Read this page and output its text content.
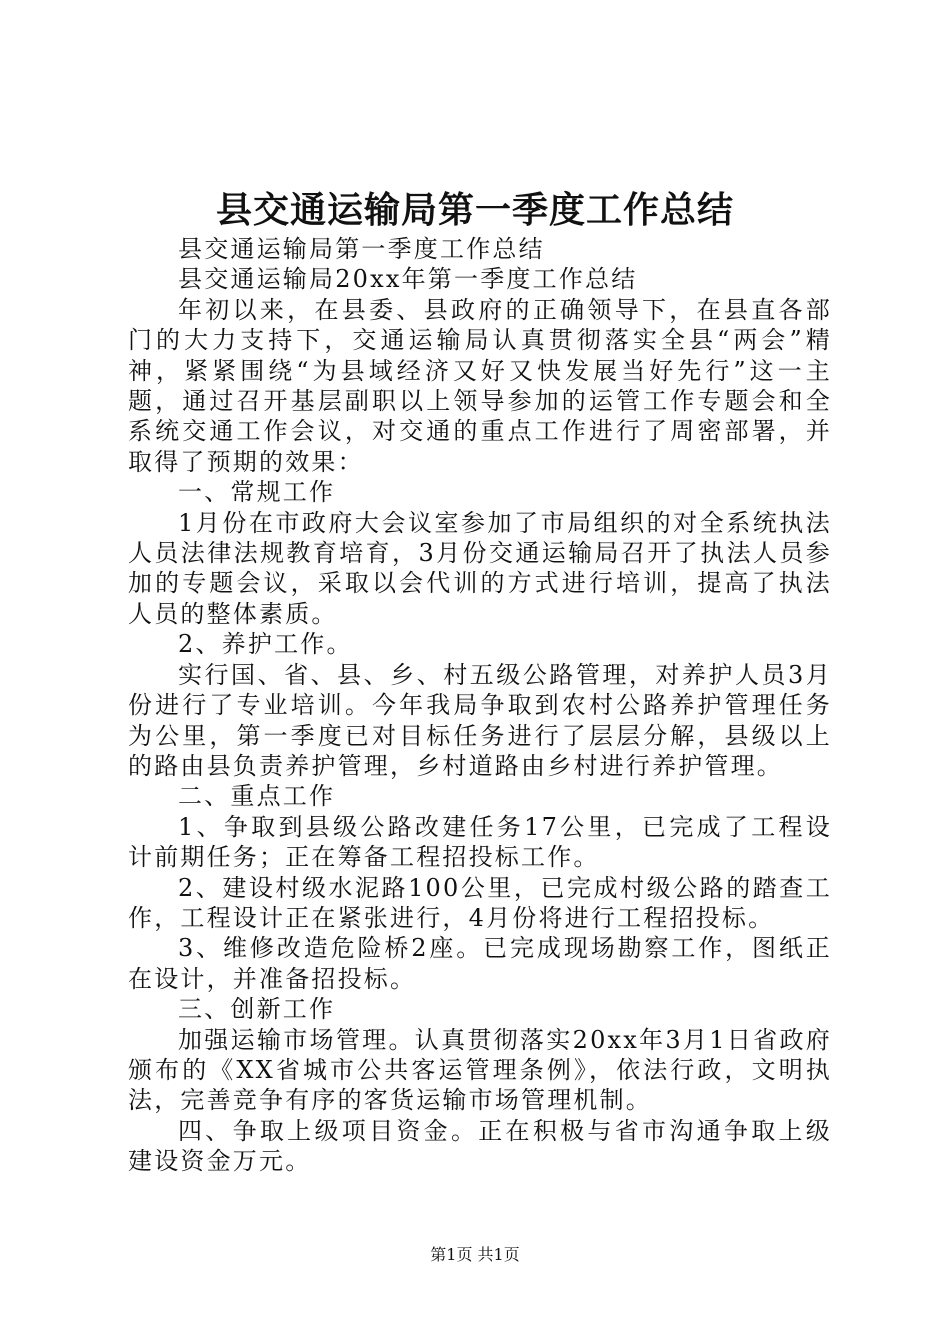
县交通运输局第一季度工作总结

县交通运输局第一季度工作总结

县交通运输局20xx年第一季度工作总结

年初以来，在县委、县政府的正确领导下，在县直各部门的大力支持下，交通运输局认真贯彻落实全县“两会”精神，紧紧围绕“为县域经济又好又快发展当好先行”这一主题，通过召开基层副职以上领导参加的运管工作专题会和全系统交通工作会议，对交通的重点工作进行了周密部署，并取得了预期的效果：

一、常规工作

1月份在市政府大会议室参加了市局组织的对全系统执法人员法律法规教育培育，3月份交通运输局召开了执法人员参加的专题会议，采取以会代训的方式进行培训，提高了执法人员的整体素质。

2、养护工作。

实行国、省、县、乡、村五级公路管理，对养护人员3月份进行了专业培训。今年我局争取到农村公路养护管理任务为公里，第一季度已对目标任务进行了层层分解，县级以上的路由县负责养护管理，乡村道路由乡村进行养护管理。

二、重点工作

1、争取到县级公路改建任务17公里，已完成了工程设计前期任务；正在筹备工程招投标工作。

2、建设村级水泥路100公里，已完成村级公路的踏查工作，工程设计正在紧张进行，4月份将进行工程招投标。

3、维修改造危险桥2座。已完成现场勘察工作，图纸正在设计，并准备招投标。

三、创新工作

加强运输市场管理。认真贯彻落实20xx年3月1日省政府颁布的《XX省城市公共客运管理条例》，依法行政，文明执法，完善竞争有序的客货运输市场管理机制。

四、争取上级项目资金。正在积极与省市沟通争取上级建设资金万元。

第1页 共1页
